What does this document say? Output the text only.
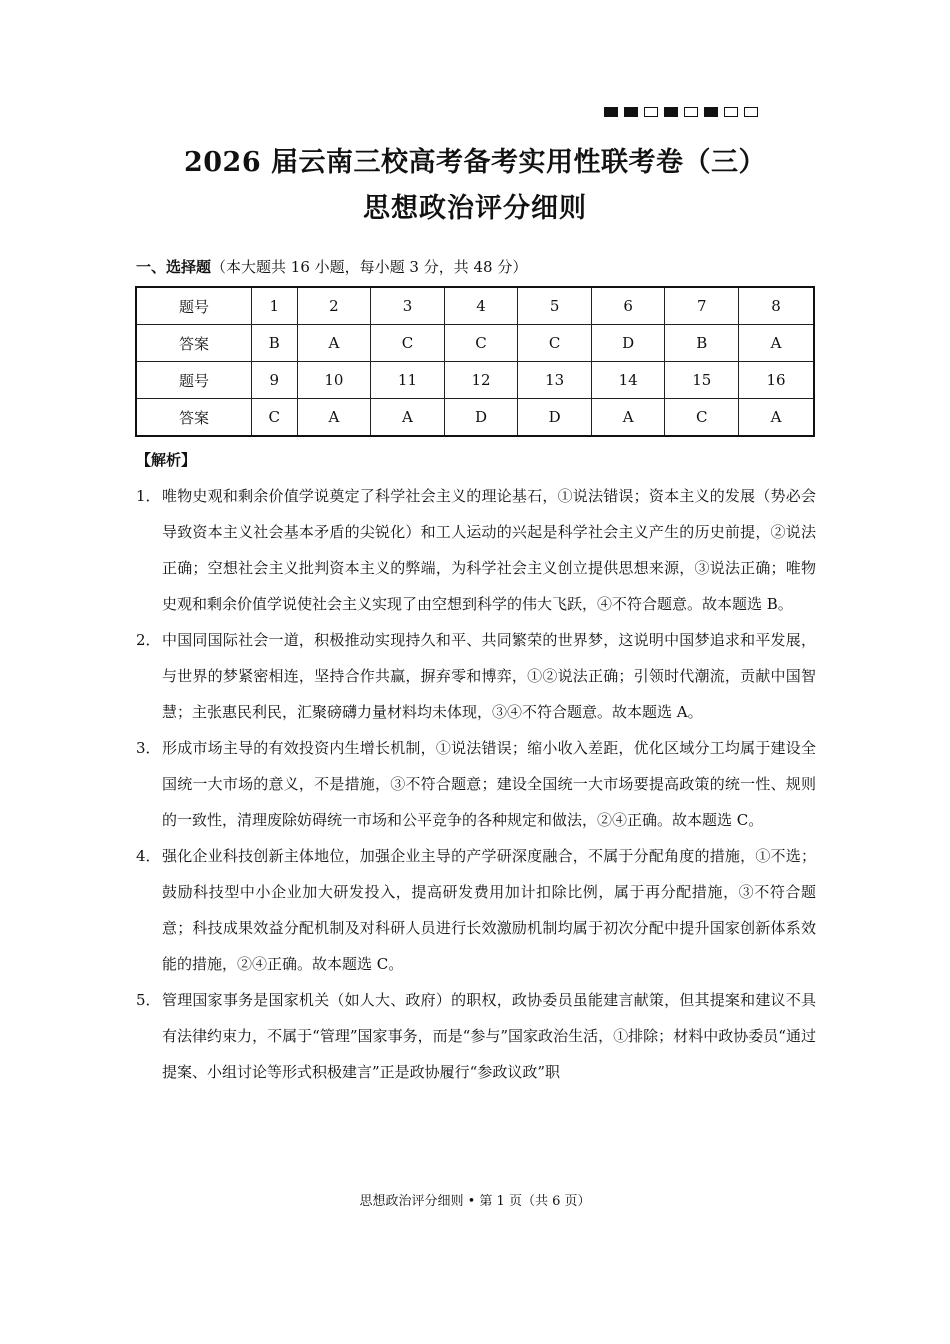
2026 届云南三校高考备考实用性联考卷（三）
思想政治评分细则
一、选择题（本大题共 16 小题，每小题 3 分，共 48 分）
题号	1	2	3	4	5	6	7	8
答案	B	A	C	C	C	D	B	A
题号	9	10	11	12	13	14	15	16
答案	C	A	A	D	D	A	C	A
【解析】
1． 唯物史观和剩余价值学说奠定了科学社会主义的理论基石，①说法错误；资本主义的发展（势必会导致资本主义社会基本矛盾的尖锐化）和工人运动的兴起是科学社会主义产生的历史前提，②说法正确；空想社会主义批判资本主义的弊端，为科学社会主义创立提供思想来源，③说法正确；唯物史观和剩余价值学说使社会主义实现了由空想到科学的伟大飞跃，④不符合题意。故本题选 B。
2． 中国同国际社会一道，积极推动实现持久和平、共同繁荣的世界梦，这说明中国梦追求和平发展，与世界的梦紧密相连，坚持合作共赢，摒弃零和博弈，①②说法正确；引领时代潮流，贡献中国智慧；主张惠民利民，汇聚磅礴力量材料均未体现，③④不符合题意。故本题选 A。
3． 形成市场主导的有效投资内生增长机制，①说法错误；缩小收入差距，优化区域分工均属于建设全国统一大市场的意义，不是措施，③不符合题意；建设全国统一大市场要提高政策的统一性、规则的一致性，清理废除妨碍统一市场和公平竞争的各种规定和做法，②④正确。故本题选 C。
4． 强化企业科技创新主体地位，加强企业主导的产学研深度融合，不属于分配角度的措施，①不选；鼓励科技型中小企业加大研发投入，提高研发费用加计扣除比例，属于再分配措施，③不符合题意；科技成果效益分配机制及对科研人员进行长效激励机制均属于初次分配中提升国家创新体系效能的措施，②④正确。故本题选 C。
5． 管理国家事务是国家机关（如人大、政府）的职权，政协委员虽能建言献策，但其提案和建议不具有法律约束力，不属于“管理”国家事务，而是“参与”国家政治生活，①排除；材料中政协委员“通过提案、小组讨论等形式积极建言”正是政协履行“参政议政”职
思想政治评分细则 • 第 1 页（共 6 页）
